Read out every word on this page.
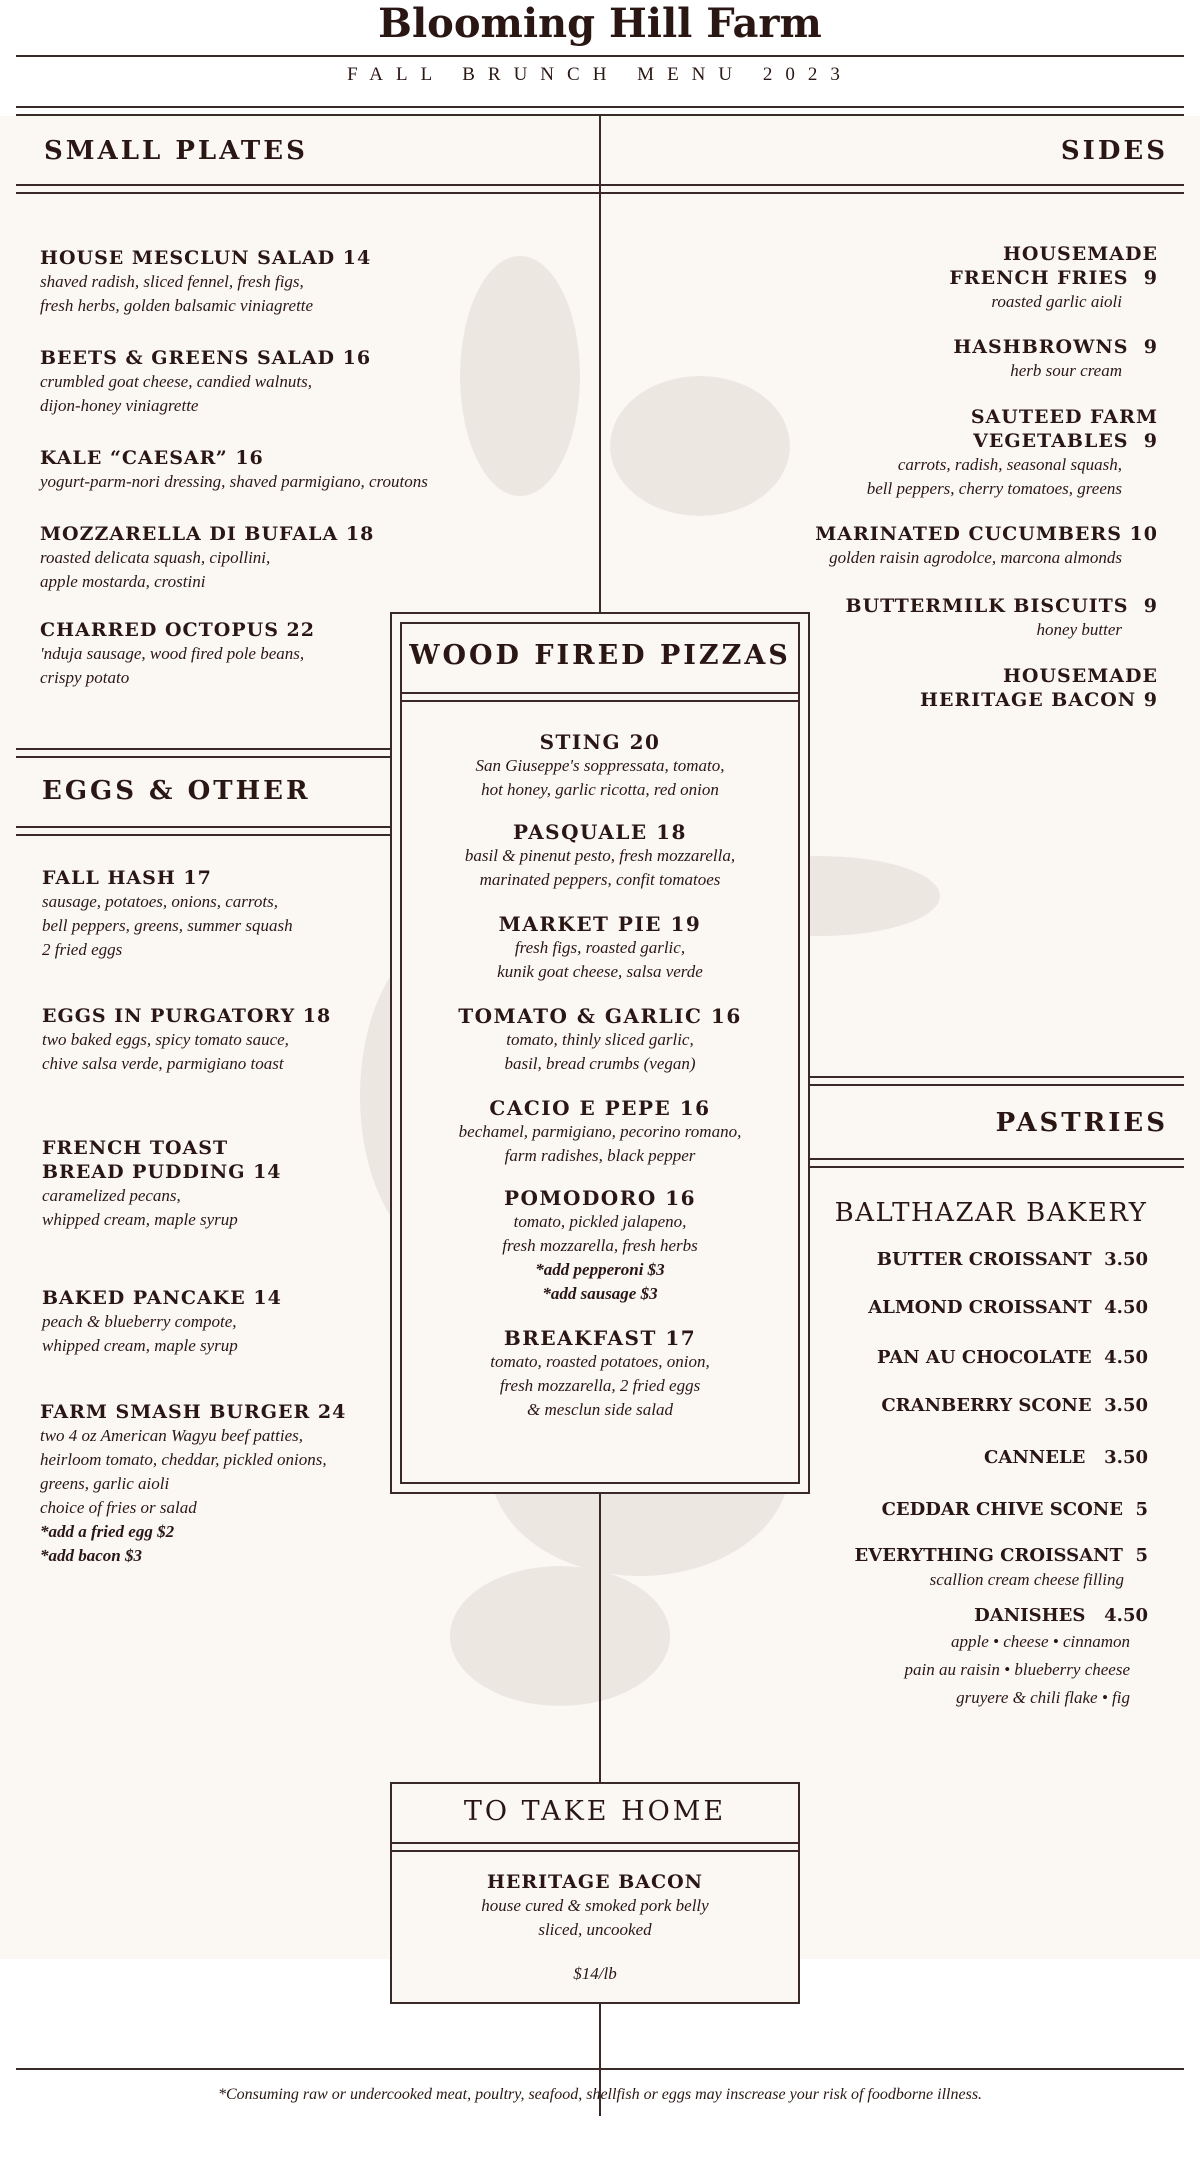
Blooming Hill Farm
FALL BRUNCH MENU 2023
SMALL PLATES	SIDES
HOUSE MESCLUN SALAD 14
shaved radish, sliced fennel, fresh figs,
fresh herbs, golden balsamic viniagrette
BEETS & GREENS SALAD 16
crumbled goat cheese, candied walnuts,
dijon-honey viniagrette
KALE “CAESAR” 16
yogurt-parm-nori dressing, shaved parmigiano, croutons
MOZZARELLA DI BUFALA 18
roasted delicata squash, cipollini,
apple mostarda, crostini
CHARRED OCTOPUS 22
'nduja sausage, wood fired pole beans,
crispy potato
HOUSEMADE
FRENCH FRIES 9
roasted garlic aioli
HASHBROWNS 9
herb sour cream
SAUTEED FARM
VEGETABLES 9
carrots, radish, seasonal squash,
bell peppers, cherry tomatoes, greens
MARINATED CUCUMBERS 10
golden raisin agrodolce, marcona almonds
BUTTERMILK BISCUITS 9
honey butter
HOUSEMADE
HERITAGE BACON 9
EGGS & OTHER
FALL HASH 17
sausage, potatoes, onions, carrots,
bell peppers, greens, summer squash
2 fried eggs
EGGS IN PURGATORY 18
two baked eggs, spicy tomato sauce,
chive salsa verde, parmigiano toast
FRENCH TOAST
BREAD PUDDING 14
caramelized pecans,
whipped cream, maple syrup
BAKED PANCAKE 14
peach & blueberry compote,
whipped cream, maple syrup
FARM SMASH BURGER 24
two 4 oz American Wagyu beef patties,
heirloom tomato, cheddar, pickled onions,
greens, garlic aioli
choice of fries or salad
*add a fried egg $2
*add bacon $3
WOOD FIRED PIZZAS
STING 20
San Giuseppe's soppressata, tomato,
hot honey, garlic ricotta, red onion
PASQUALE 18
basil & pinenut pesto, fresh mozzarella,
marinated peppers, confit tomatoes
MARKET PIE 19
fresh figs, roasted garlic,
kunik goat cheese, salsa verde
TOMATO & GARLIC 16
tomato, thinly sliced garlic,
basil, bread crumbs (vegan)
CACIO E PEPE 16
bechamel, parmigiano, pecorino romano,
farm radishes, black pepper
POMODORO 16
tomato, pickled jalapeno,
fresh mozzarella, fresh herbs
*add pepperoni $3
*add sausage $3
BREAKFAST 17
tomato, roasted potatoes, onion,
fresh mozzarella, 2 fried eggs
& mesclun side salad
PASTRIES
BALTHAZAR BAKERY
BUTTER CROISSANT 3.50
ALMOND CROISSANT 4.50
PAN AU CHOCOLATE 4.50
CRANBERRY SCONE 3.50
CANNELE 3.50
CEDDAR CHIVE SCONE 5
EVERYTHING CROISSANT 5
scallion cream cheese filling
DANISHES 4.50
apple • cheese • cinnamon
pain au raisin • blueberry cheese
gruyere & chili flake • fig
TO TAKE HOME
HERITAGE BACON
house cured & smoked pork belly
sliced, uncooked
$14/lb
*Consuming raw or undercooked meat, poultry, seafood, shellfish or eggs may inscrease your risk of foodborne illness.
